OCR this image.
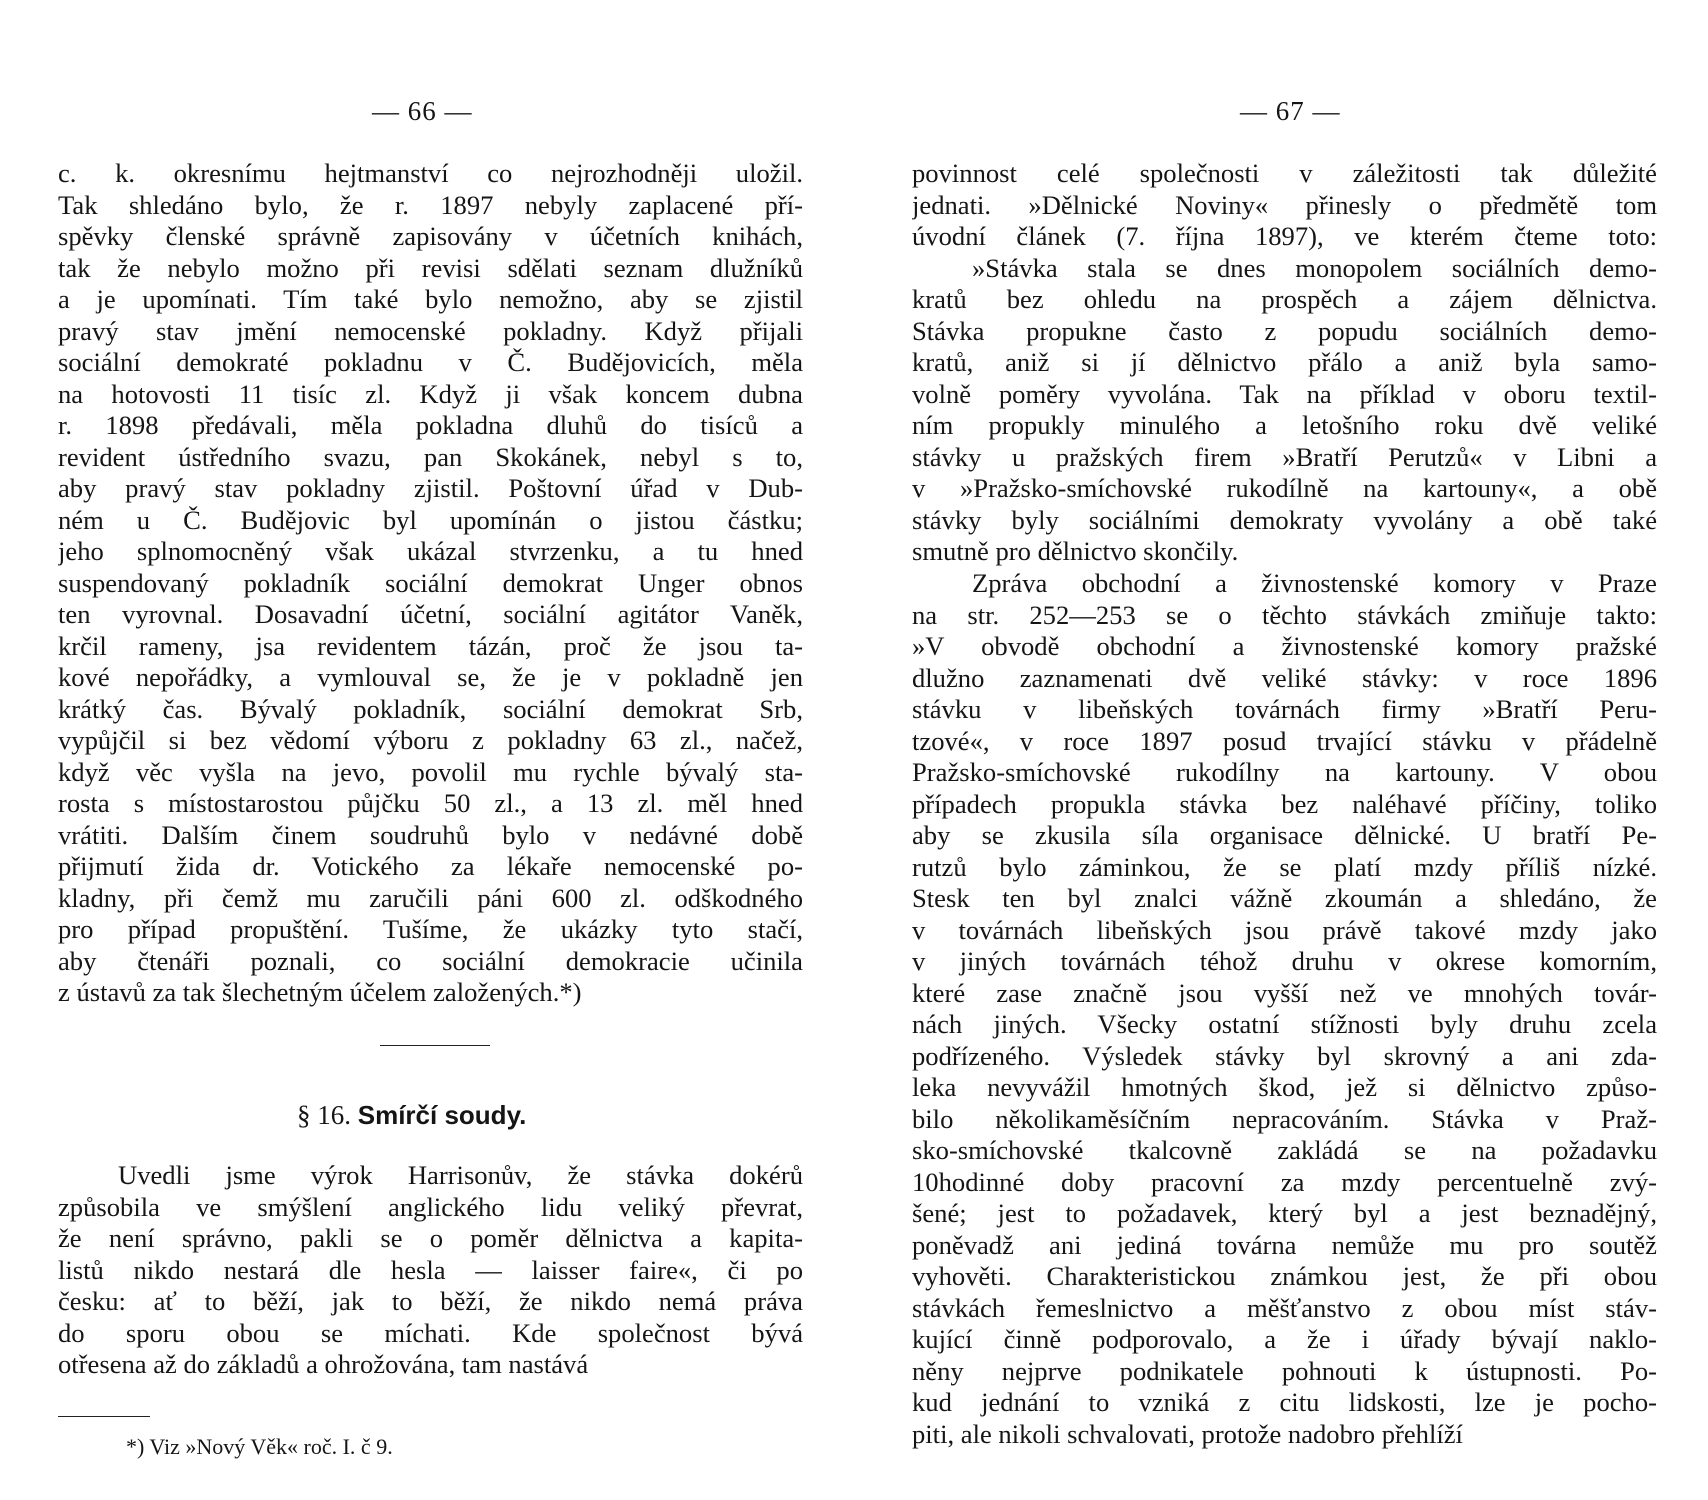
— 66 —
c. k. okresnímu hejtmanství co nejrozhodněji uložil.
Tak shledáno bylo, že r. 1897 nebyly zaplacené pří-
spěvky členské správně zapisovány v účetních knihách,
tak že nebylo možno při revisi sdělati seznam dlužníků
a je upomínati. Tím také bylo nemožno, aby se zjistil
pravý stav jmění nemocenské pokladny. Když přijali
sociální demokraté pokladnu v Č. Budějovicích, měla
na hotovosti 11 tisíc zl. Když ji však koncem dubna
r. 1898 předávali, měla pokladna dluhů do tisíců a
revident ústředního svazu, pan Skokánek, nebyl s to,
aby pravý stav pokladny zjistil. Poštovní úřad v Dub-
ném u Č. Budějovic byl upomínán o jistou částku;
jeho splnomocněný však ukázal stvrzenku, a tu hned
suspendovaný pokladník sociální demokrat Unger obnos
ten vyrovnal. Dosavadní účetní, sociální agitátor Vaněk,
krčil rameny, jsa revidentem tázán, proč že jsou ta-
kové nepořádky, a vymlouval se, že je v pokladně jen
krátký čas. Bývalý pokladník, sociální demokrat Srb,
vypůjčil si bez vědomí výboru z pokladny 63 zl., načež,
když věc vyšla na jevo, povolil mu rychle bývalý sta-
rosta s místostarostou půjčku 50 zl., a 13 zl. měl hned
vrátiti. Dalším činem soudruhů bylo v nedávné době
přijmutí žida dr. Votického za lékaře nemocenské po-
kladny, při čemž mu zaručili páni 600 zl. odškodného
pro případ propuštění. Tušíme, že ukázky tyto stačí,
aby čtenáři poznali, co sociální demokracie učinila
z ústavů za tak šlechetným účelem založených.*)
§ 16. Smírčí soudy.
Uvedli jsme výrok Harrisonův, že stávka dokérů
způsobila ve smýšlení anglického lidu veliký převrat,
že není správno, pakli se o poměr dělnictva a kapita-
listů nikdo nestará dle hesla — laisser faire«, či po
česku: ať to běží, jak to běží, že nikdo nemá práva
do sporu obou se míchati. Kde společnost bývá
otřesena až do základů a ohrožována, tam nastává
*) Viz »Nový Věk« roč. I. č 9.
— 67 —
povinnost celé společnosti v záležitosti tak důležité
jednati. »Dělnické Noviny« přinesly o předmětě tom
úvodní článek (7. října 1897), ve kterém čteme toto:
»Stávka stala se dnes monopolem sociálních demo-
kratů bez ohledu na prospěch a zájem dělnictva.
Stávka propukne často z popudu sociálních demo-
kratů, aniž si jí dělnictvo přálo a aniž byla samo-
volně poměry vyvolána. Tak na příklad v oboru textil-
ním propukly minulého a letošního roku dvě veliké
stávky u pražských firem »Bratří Perutzů« v Libni a
v »Pražsko-smíchovské rukodílně na kartouny«, a obě
stávky byly sociálními demokraty vyvolány a obě také
smutně pro dělnictvo skončily.
Zpráva obchodní a živnostenské komory v Praze
na str. 252—253 se o těchto stávkách zmiňuje takto:
»V obvodě obchodní a živnostenské komory pražské
dlužno zaznamenati dvě veliké stávky: v roce 1896
stávku v libeňských továrnách firmy »Bratří Peru-
tzové«, v roce 1897 posud trvající stávku v přádelně
Pražsko-smíchovské rukodílny na kartouny. V obou
případech propukla stávka bez naléhavé příčiny, toliko
aby se zkusila síla organisace dělnické. U bratří Pe-
rutzů bylo záminkou, že se platí mzdy příliš nízké.
Stesk ten byl znalci vážně zkoumán a shledáno, že
v továrnách libeňských jsou právě takové mzdy jako
v jiných továrnách téhož druhu v okrese komorním,
které zase značně jsou vyšší než ve mnohých továr-
nách jiných. Všecky ostatní stížnosti byly druhu zcela
podřízeného. Výsledek stávky byl skrovný a ani zda-
leka nevyvážil hmotných škod, jež si dělnictvo způso-
bilo několikaměsíčním nepracováním. Stávka v Praž-
sko-smíchovské tkalcovně zakládá se na požadavku
10hodinné doby pracovní za mzdy percentuelně zvý-
šené; jest to požadavek, který byl a jest beznadějný,
poněvadž ani jediná továrna nemůže mu pro soutěž
vyhověti. Charakteristickou známkou jest, že při obou
stávkách řemeslnictvo a měšťanstvo z obou míst stáv-
kující činně podporovalo, a že i úřady bývají naklo-
něny nejprve podnikatele pohnouti k ústupnosti. Po-
kud jednání to vzniká z citu lidskosti, lze je pocho-
piti, ale nikoli schvalovati, protože nadobro přehlíží
